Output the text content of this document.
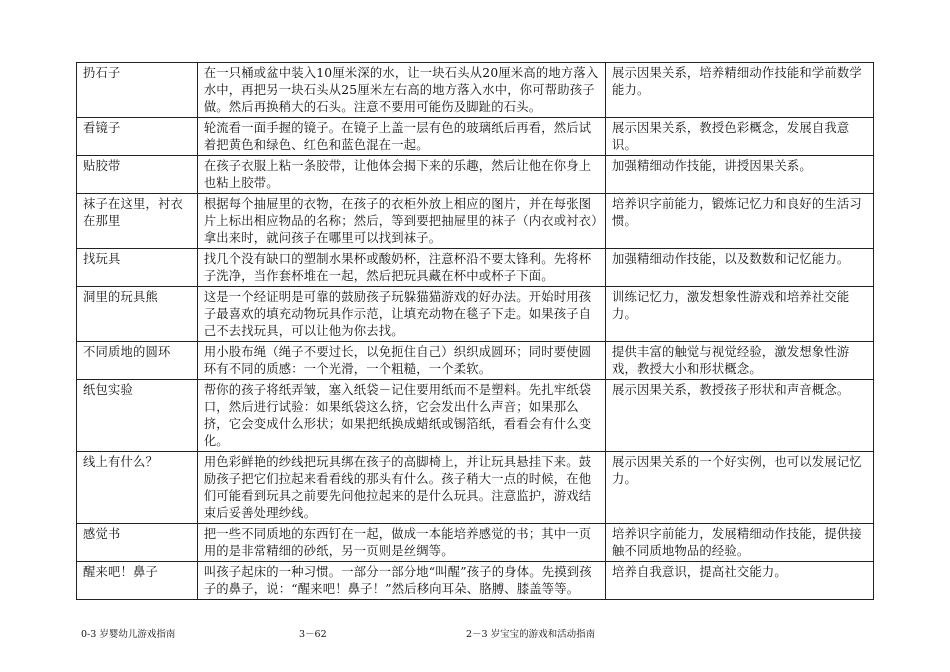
扔石子	在一只桶或盆中装入10厘米深的水，让一块石头从20厘米高的地方落入水中，再把另一块石头从25厘米左右高的地方落入水中，你可帮助孩子做。然后再换稍大的石头。注意不要用可能伤及脚趾的石头。	展示因果关系，培养精细动作技能和学前数学能力。
看镜子	轮流看一面手握的镜子。在镜子上盖一层有色的玻璃纸后再看，然后试着把黄色和绿色、红色和蓝色混在一起。	展示因果关系，教授色彩概念，发展自我意识。
贴胶带	在孩子衣服上粘一条胶带，让他体会揭下来的乐趣，然后让他在你身上也粘上胶带。	加强精细动作技能，讲授因果关系。
袜子在这里，衬衣在那里	根据每个抽屉里的衣物，在孩子的衣柜外放上相应的图片，并在每张图片上标出相应物品的名称；然后，等到要把抽屉里的袜子（内衣或衬衣）拿出来时，就问孩子在哪里可以找到袜子。	培养识字前能力，锻炼记忆力和良好的生活习惯。
找玩具	找几个没有缺口的塑制水果杯或酸奶杯，注意杯沿不要太锋利。先将杯子洗净，当作套杯堆在一起，然后把玩具藏在杯中或杯子下面。	加强精细动作技能，以及数数和记忆能力。
洞里的玩具熊	这是一个经证明是可靠的鼓励孩子玩躲猫猫游戏的好办法。开始时用孩子最喜欢的填充动物玩具作示范，让填充动物在毯子下走。如果孩子自己不去找玩具，可以让他为你去找。	训练记忆力，激发想象性游戏和培养社交能力。
不同质地的圆环	用小股布绳（绳子不要过长，以免扼住自己）织织成圆环；同时要使圆环有不同的质感：一个光滑，一个粗糙，一个柔软。	提供丰富的触觉与视觉经验，激发想象性游戏，教授大小和形状概念。
纸包实验	帮你的孩子将纸弄皱，塞入纸袋－记住要用纸而不是塑料。先扎牢纸袋口，然后进行试验：如果纸袋这么挤，它会发出什么声音；如果那么挤，它会变成什么形状；如果把纸换成蜡纸或锡箔纸，看看会有什么变化。	展示因果关系，教授孩子形状和声音概念。
线上有什么？	用色彩鲜艳的纱线把玩具绑在孩子的高脚椅上，并让玩具悬挂下来。鼓励孩子把它们拉起来看看线的那头有什么。孩子稍大一点的时候，在他们可能看到玩具之前要先问他拉起来的是什么玩具。注意监护，游戏结束后妥善处理纱线。	展示因果关系的一个好实例，也可以发展记忆力。
感觉书	把一些不同质地的东西钉在一起，做成一本能培养感觉的书；其中一页用的是非常精细的砂纸，另一页则是丝绸等。	培养识字前能力，发展精细动作技能，提供接触不同质地物品的经验。
醒来吧！鼻子	叫孩子起床的一种习惯。一部分一部分地“叫醒”孩子的身体。先摸到孩子的鼻子，说：“醒来吧！鼻子！”然后移向耳朵、胳膊、膝盖等等。	培养自我意识，提高社交能力。
0-3 岁婴幼儿游戏指南	3－62	2－3 岁宝宝的游戏和活动指南
